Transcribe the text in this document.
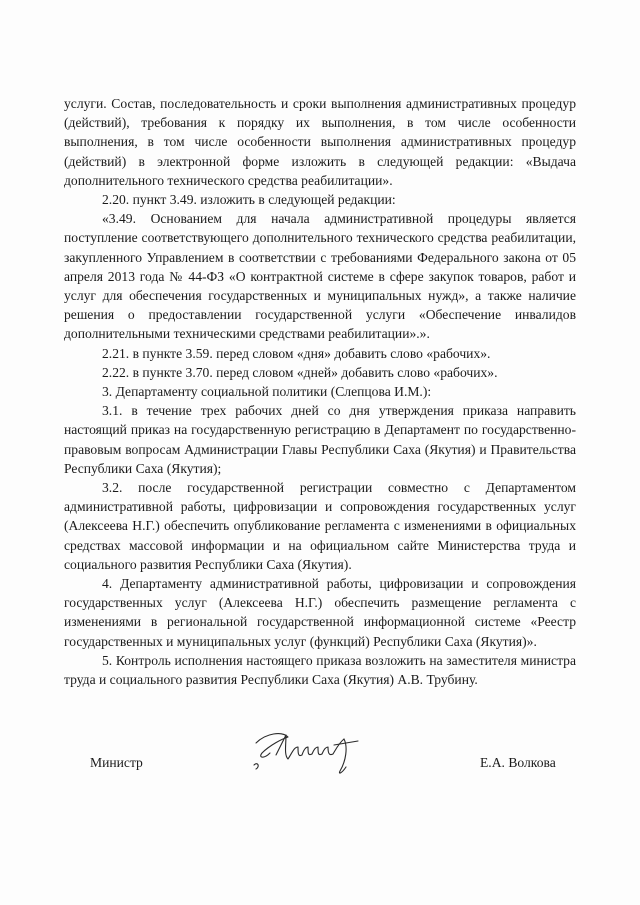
услуги. Состав, последовательность и сроки выполнения административных процедур (действий), требования к порядку их выполнения, в том числе особенности выполнения, в том числе особенности выполнения административных процедур (действий) в электронной форме изложить в следующей редакции: «Выдача дополнительного технического средства реабилитации».

2.20. пункт 3.49. изложить в следующей редакции:

«3.49. Основанием для начала административной процедуры является поступление соответствующего дополнительного технического средства реабилитации, закупленного Управлением в соответствии с требованиями Федерального закона от 05 апреля 2013 года № 44-ФЗ «О контрактной системе в сфере закупок товаров, работ и услуг для обеспечения государственных и муниципальных нужд», а также наличие решения о предоставлении государственной услуги «Обеспечение инвалидов дополнительными техническими средствами реабилитации».».

2.21. в пункте 3.59. перед словом «дня» добавить слово «рабочих».

2.22. в пункте 3.70. перед словом «дней» добавить слово «рабочих».

3. Департаменту социальной политики (Слепцова И.М.):

3.1. в течение трех рабочих дней со дня утверждения приказа направить настоящий приказ на государственную регистрацию в Департамент по государственно-правовым вопросам Администрации Главы Республики Саха (Якутия) и Правительства Республики Саха (Якутия);

3.2. после государственной регистрации совместно с Департаментом административной работы, цифровизации и сопровождения государственных услуг (Алексеева Н.Г.) обеспечить опубликование регламента с изменениями в официальных средствах массовой информации и на официальном сайте Министерства труда и социального развития Республики Саха (Якутия).

4. Департаменту административной работы, цифровизации и сопровождения государственных услуг (Алексеева Н.Г.) обеспечить размещение регламента с изменениями в региональной государственной информационной системе «Реестр государственных и муниципальных услуг (функций) Республики Саха (Якутия)».

5. Контроль исполнения настоящего приказа возложить на заместителя министра труда и социального развития Республики Саха (Якутия) А.В. Трубину.

Министр	Е.А. Волкова
